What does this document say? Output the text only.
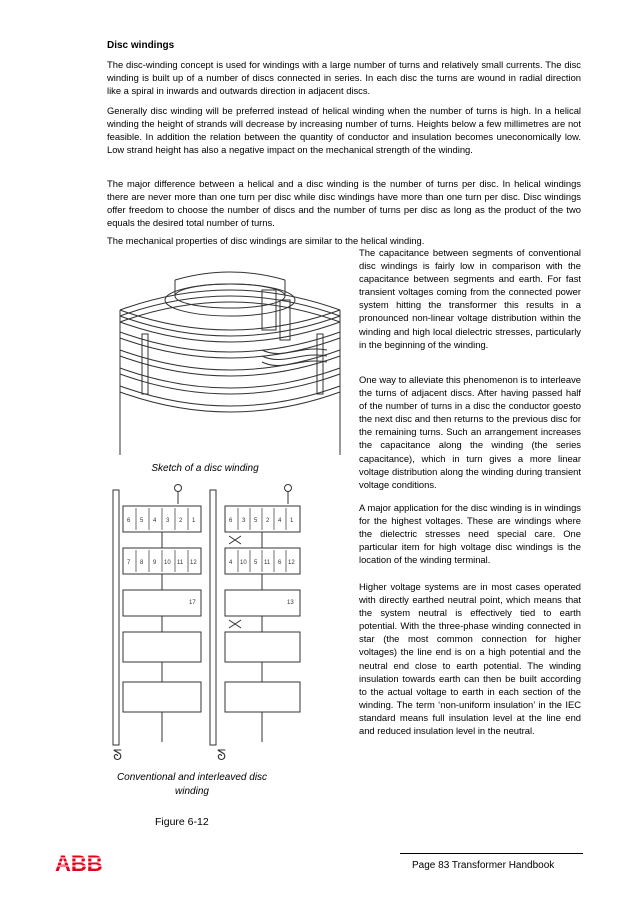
Disc windings

The disc-winding concept is used for windings with a large number of turns and relatively small currents. The disc winding is built up of a number of discs connected in series. In each disc the turns are wound in radial direction like a spiral in inwards and outwards direction in adjacent discs.

Generally disc winding will be preferred instead of helical winding when the number of turns is high. In a helical winding the height of strands will decrease by increasing number of turns. Heights below a few millimetres are not feasible. In addition the relation between the quantity of conductor and insulation becomes uneconomically low. Low strand height has also a negative impact on the mechanical strength of the winding.

The major difference between a helical and a disc winding is the number of turns per disc. In helical windings there are never more than one turn per disc while disc windings have more than one turn per disc. Disc windings offer freedom to choose the number of discs and the number of turns per disc as long as the product of the two equals the desired total number of turns.

The mechanical properties of disc windings are similar to the helical winding.

The capacitance between segments of conventional disc windings is fairly low in comparison with the capacitance between segments and earth. For fast transient voltages coming from the connected power system hitting the transformer this results in a pronounced non-linear voltage distribution within the winding and high local dielectric stresses, particularly in the beginning of the winding.

One way to alleviate this phenomenon is to interleave the turns of adjacent discs. After having passed half of the number of turns in a disc the conductor goesto the next disc and then returns to the previous disc for the remaining turns. Such an arrangement increases the capacitance along the winding (the series capacitance), which in turn gives a more linear voltage distribution along the winding during transient voltage conditions.

A major application for the disc winding is in windings for the highest voltages. These are windings where the dielectric stresses need special care. One particular item for high voltage disc windings is the location of the winding terminal.

Higher voltage systems are in most cases operated with directly earthed neutral point, which means that the system neutral is effectively tied to earth potential. With the three-phase winding connected in star (the most common connection for higher voltages) the line end is on a high potential and the neutral end close to earth potential. The winding insulation towards earth can then be built according to the actual voltage to earth in each section of the winding. The term ‘non-uniform insulation’ in the IEC standard means full insulation level at the line end and reduced insulation level in the neutral.

Sketch of a disc winding
6 5 4 3 2 1
7 8 9 10 11 12
17
6 3 5 2 4 1
4 10 5 11 6 12
13
ᘕ	ᘕ
Conventional and interleaved disc winding
Figure 6-12
ABB	Page 83 Transformer Handbook
